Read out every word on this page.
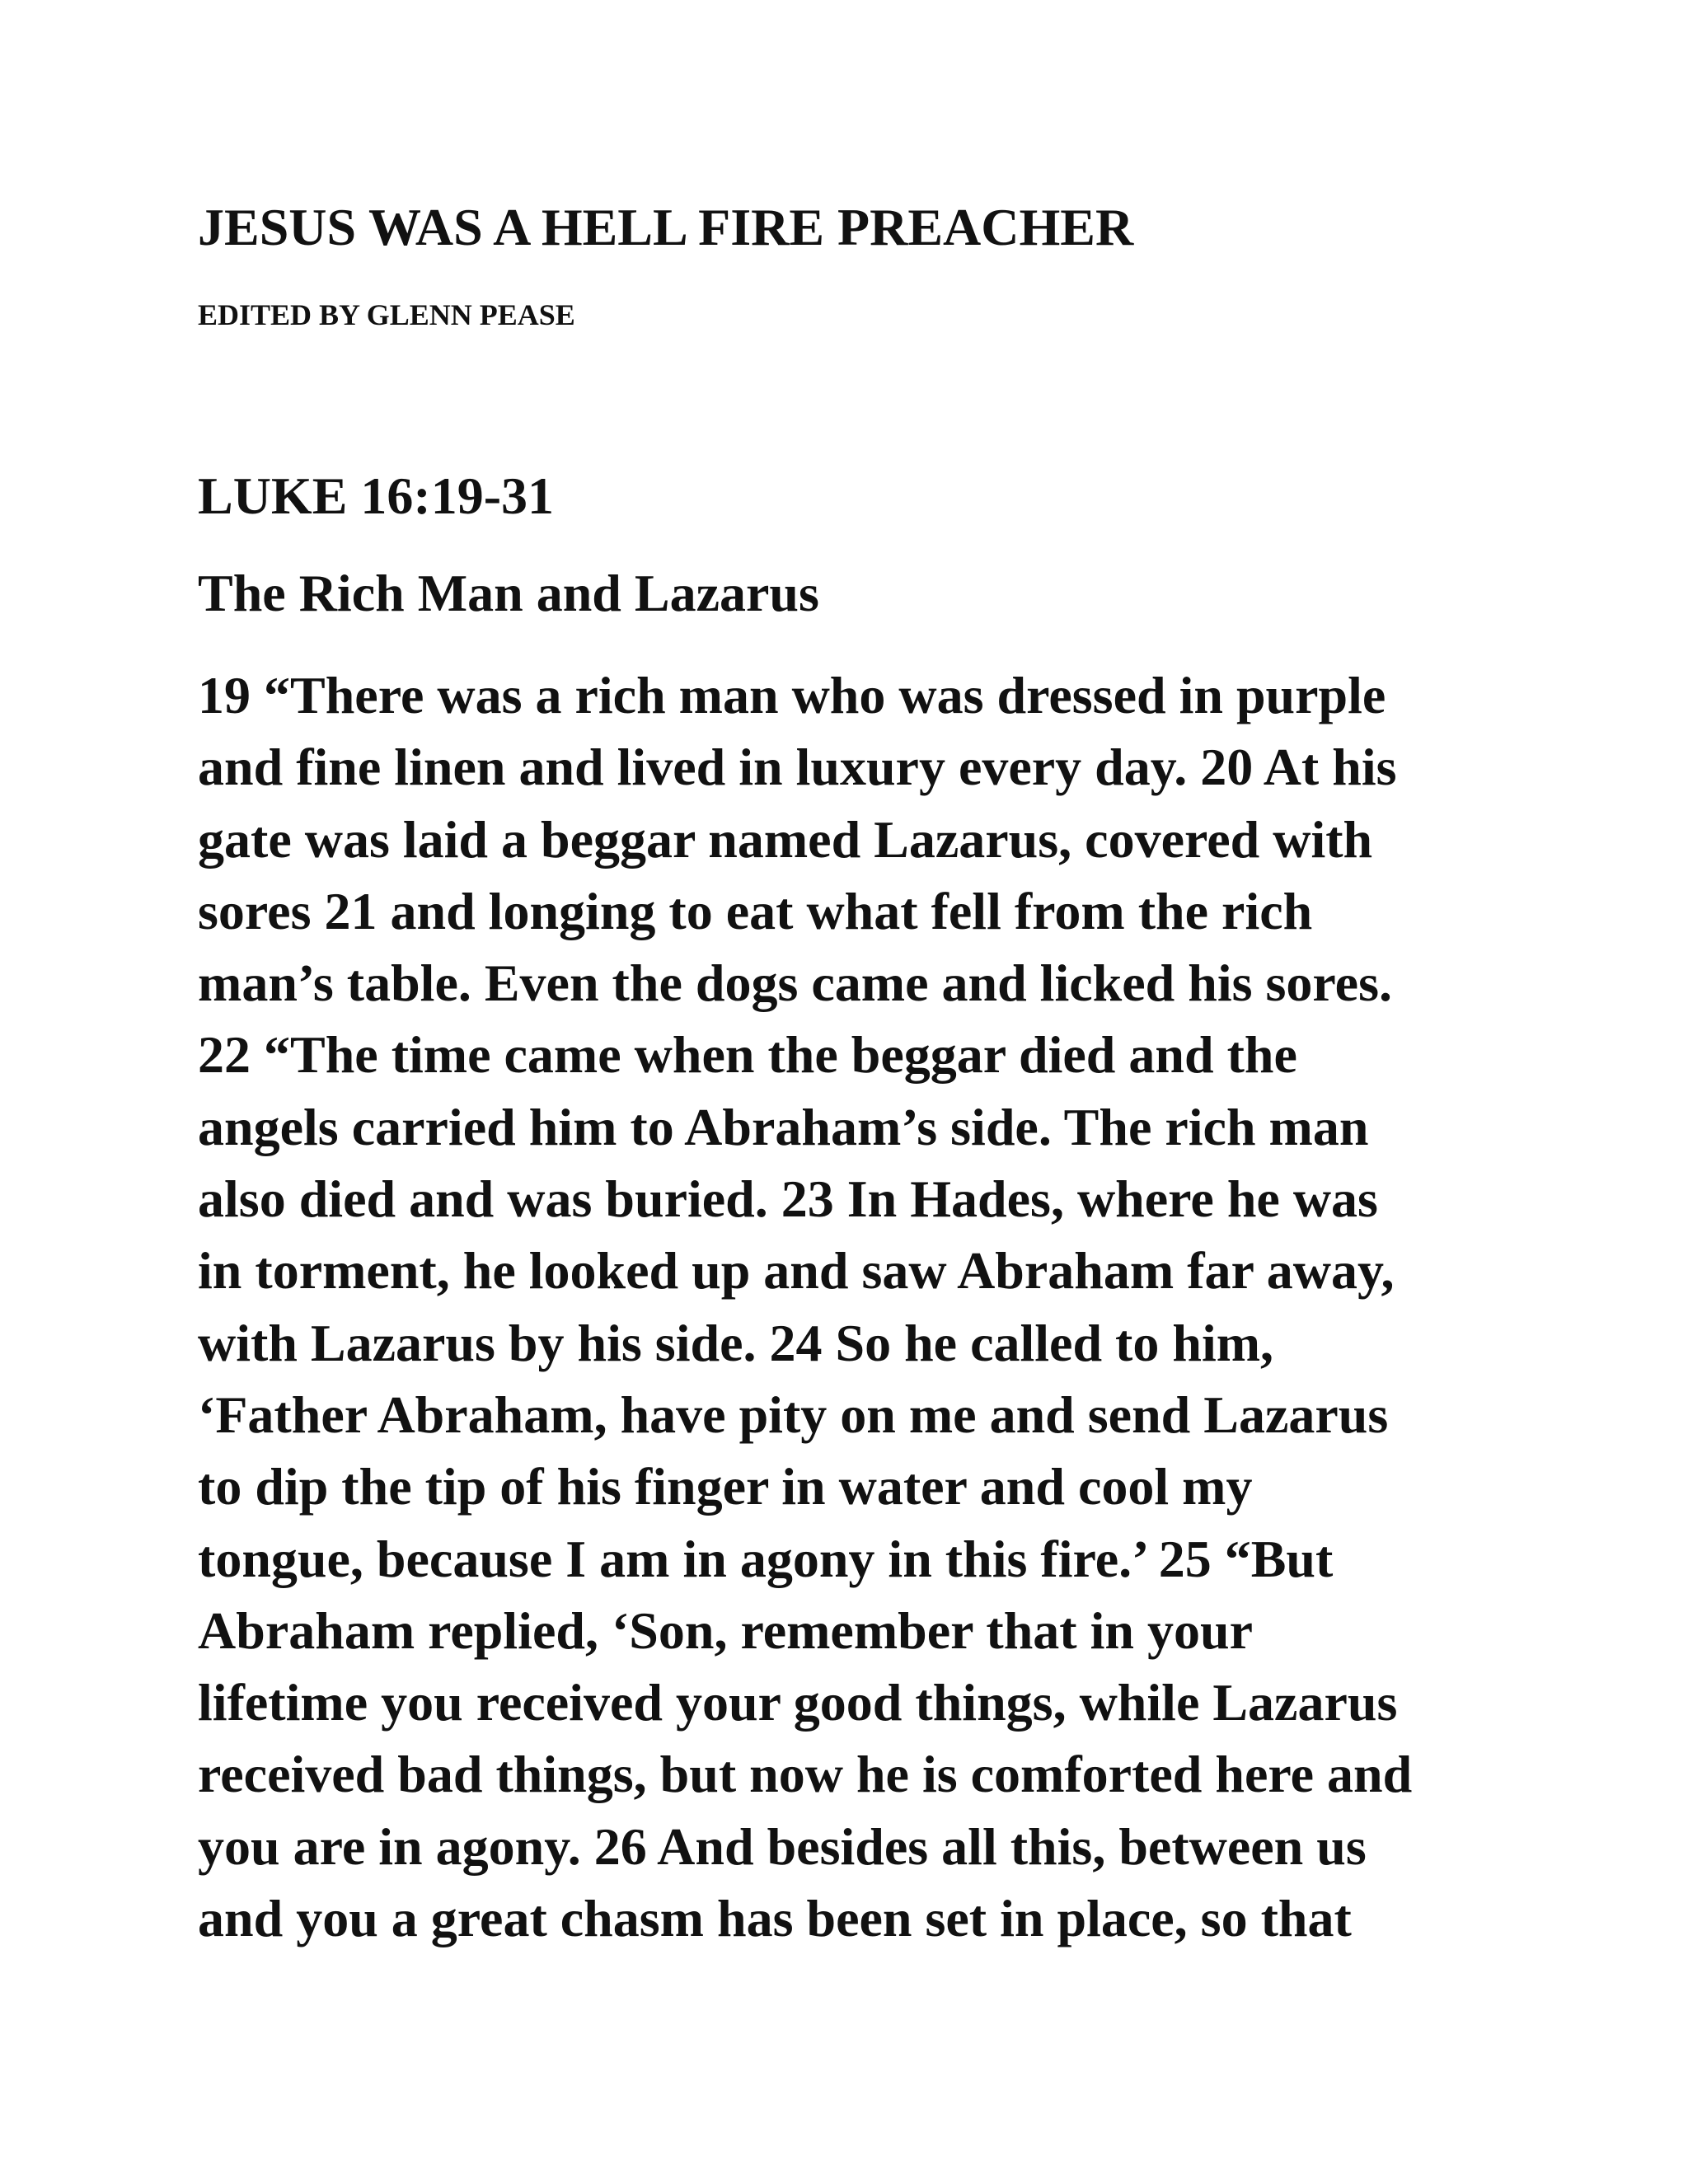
JESUS WAS A HELL FIRE PREACHER

EDITED BY GLENN PEASE

LUKE 16:19-31
The Rich Man and Lazarus
19 “There was a rich man who was dressed in purple
and fine linen and lived in luxury every day. 20 At his
gate was laid a beggar named Lazarus, covered with
sores 21 and longing to eat what fell from the rich
man’s table. Even the dogs came and licked his sores.
22 “The time came when the beggar died and the
angels carried him to Abraham’s side. The rich man
also died and was buried. 23 In Hades, where he was
in torment, he looked up and saw Abraham far away,
with Lazarus by his side. 24 So he called to him,
‘Father Abraham, have pity on me and send Lazarus
to dip the tip of his finger in water and cool my
tongue, because I am in agony in this fire.’ 25 “But
Abraham replied, ‘Son, remember that in your
lifetime you received your good things, while Lazarus
received bad things, but now he is comforted here and
you are in agony. 26 And besides all this, between us
and you a great chasm has been set in place, so that
